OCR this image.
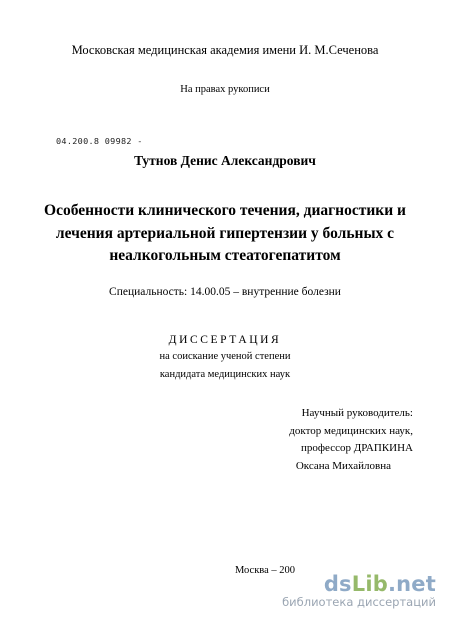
Московская медицинская академия имени И. М.Сеченова
На правах рукописи
04.200.8 09982 -
Тутнов Денис Александрович
Особенности клинического течения, диагностики и
лечения артериальной гипертензии у больных с
неалкогольным стеатогепатитом
Специальность: 14.00.05 – внутренние болезни
ДИССЕРТАЦИЯ
на соискание ученой степени
кандидата медицинских наук
Научный руководитель:
доктор медицинских наук,
профессор ДРАПКИНА
Оксана Михайловна
Москва – 200
dsLib.net
библиотека диссертаций
